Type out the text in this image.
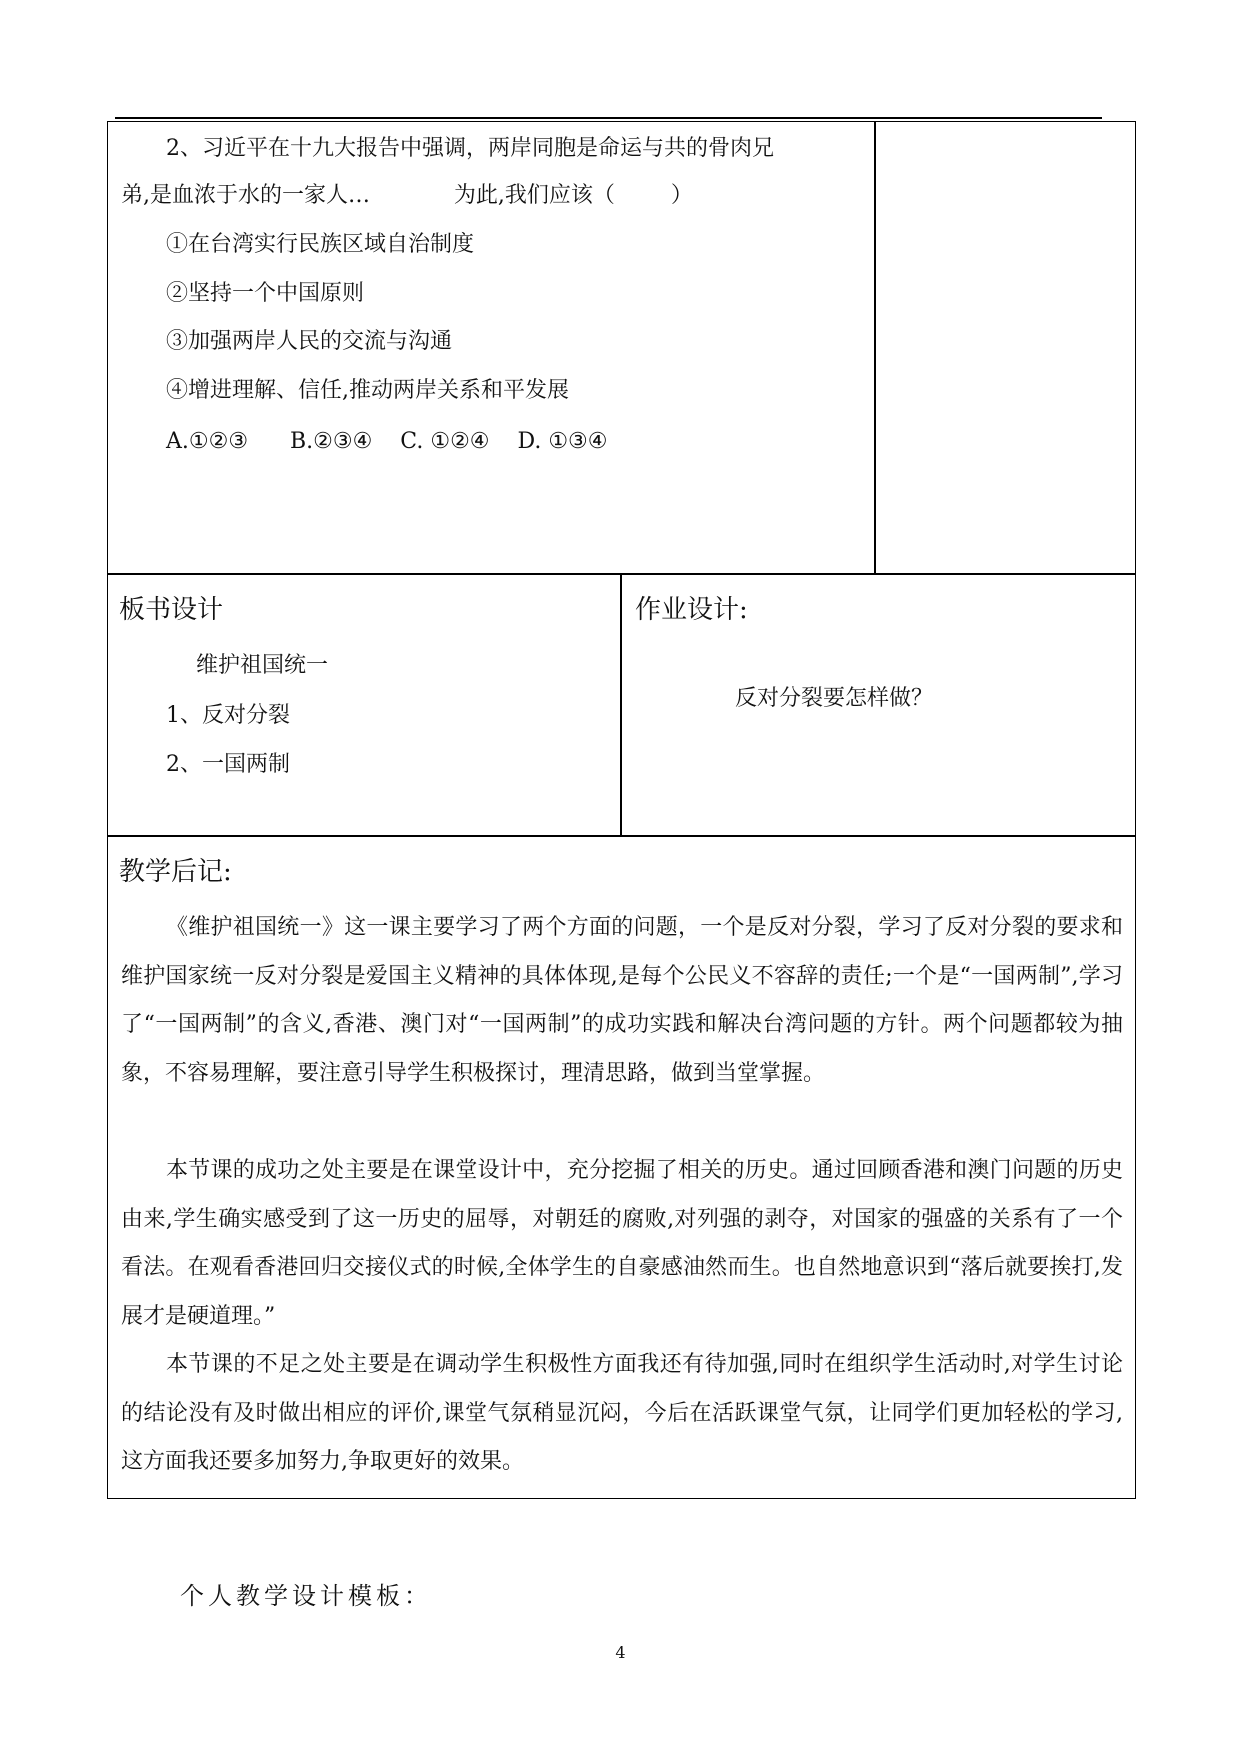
2、习近平在十九大报告中强调，两岸同胞是命运与共的骨肉兄
弟,是血浓于水的一家人…            为此,我们应该（        ）
①在台湾实行民族区域自治制度
②坚持一个中国原则
③加强两岸人民的交流与沟通
④增进理解、信任,推动两岸关系和平发展
A.①②③      B.②③④    C. ①②④    D. ①③④
板书设计
维护祖国统一
1、反对分裂
2、一国两制
作业设计:
反对分裂要怎样做？
教学后记:
《维护祖国统一》这一课主要学习了两个方面的问题，一个是反对分裂，学习了反对分裂的要求和维护国家统一反对分裂是爱国主义精神的具体体现,是每个公民义不容辞的责任;一个是“一国两制”,学习了“一国两制”的含义,香港、澳门对“一国两制”的成功实践和解决台湾问题的方针。两个问题都较为抽象，不容易理解，要注意引导学生积极探讨，理清思路，做到当堂掌握。
本节课的成功之处主要是在课堂设计中，充分挖掘了相关的历史。通过回顾香港和澳门问题的历史由来,学生确实感受到了这一历史的屈辱，对朝廷的腐败,对列强的剥夺，对国家的强盛的关系有了一个看法。在观看香港回归交接仪式的时候,全体学生的自豪感油然而生。也自然地意识到“落后就要挨打,发展才是硬道理。”
本节课的不足之处主要是在调动学生积极性方面我还有待加强,同时在组织学生活动时,对学生讨论的结论没有及时做出相应的评价,课堂气氛稍显沉闷，今后在活跃课堂气氛，让同学们更加轻松的学习,这方面我还要多加努力,争取更好的效果。
个人教学设计模板：
4
